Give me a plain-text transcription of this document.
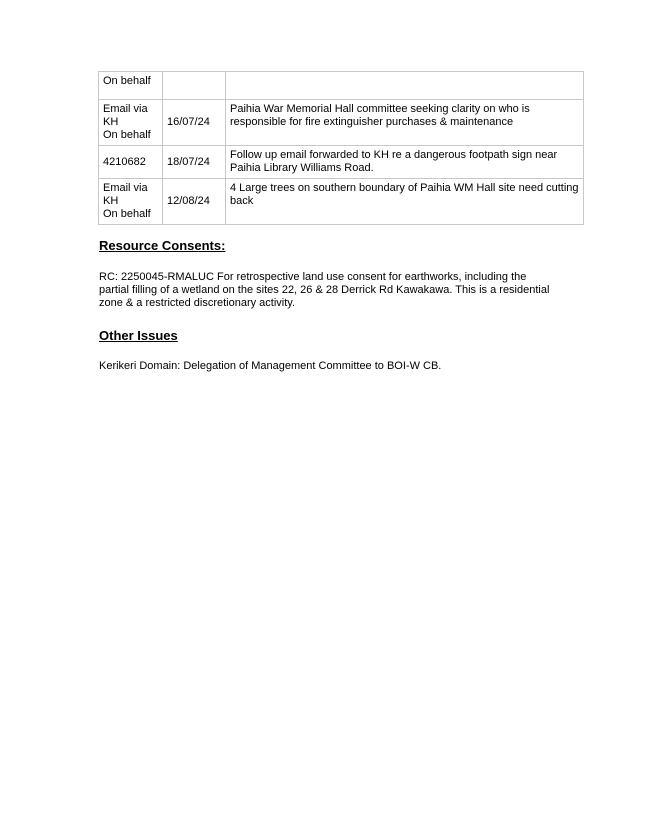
On behalf		

Email via
KH
On behalf	16/07/24	Paihia War Memorial Hall committee seeking clarity on who is responsible for fire extinguisher purchases & maintenance

4210682	18/07/24	Follow up email forwarded to KH re a dangerous footpath sign near Paihia Library Williams Road.

Email via
KH
On behalf	12/08/24	4 Large trees on southern boundary of Paihia WM Hall site need cutting back
Resource Consents:

RC: 2250045-RMALUC For retrospective land use consent for earthworks, including the partial filling of a wetland on the sites 22, 26 & 28 Derrick Rd Kawakawa. This is a residential zone & a restricted discretionary activity.

Other Issues

Kerikeri Domain: Delegation of Management Committee to BOI-W CB.
